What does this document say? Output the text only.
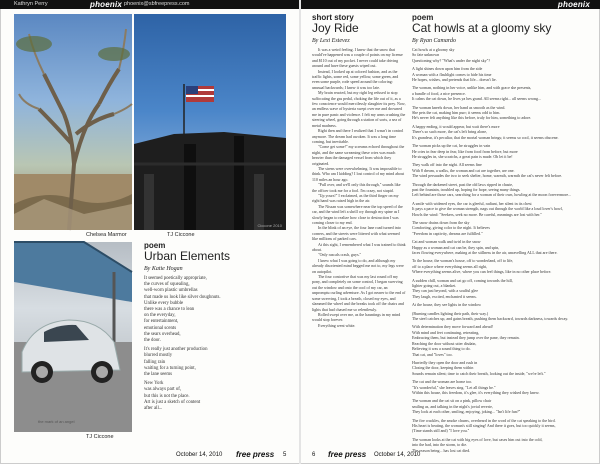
Kathryn Perry	phoenix phoenix@sbfreepress.com	phoenix
Chelsea Marmor
Ciccone 2010
TJ Ciccone
the mark of an angel
TJ Ciccone
poem
Urban Elements
By Katie Hogan
It seemed poetically appropriate,
the curves of squealing,
well-worn plastic umbrellas
that made us look like silver doughnuts.
Unlike every bubble
there was a chance to lean
on the everyday,
for entertainment,
emotional scents
the sears overhead,
the door.
It's really just another production
blurred mostly
falling rain
waiting for a turning point,
the lane seems
New York
was always part of,
but this is not the place.
Art is just a sketch of content
after all...
short story
Joy Ride
By Lexi Estevez

It was a weird feeling. I knew that the snow that would've happened was a couple of points on my license and $110 out of my pocket. I never could take driving around and have these guests wiped out.

Instead, I looked up at colored fashion, and as the traffic lights, some red, some yellow, some green, and even some purple, rode speed around the coloring: unusual backwards; I knew it was too late.

My brain reacted, but my right leg refused to stop suffocating the gas pedal, choking the life out of it, as a few conscience would mercilessly slaughter its prey. Now, an endless wave of hysteria swept over me and drowned me in pure panic and violence. I felt my arms crushing the steering wheel, going through a station of sorts, a sea of metal madness.

Right then and there I realized that I wasn't in control anymore. The dream had awoken. It was a long time coming, but inevitable.

"Come get some!" my screams echoed throughout the night, and the same screaming these cries was much heavier than the damaged vessel from which they originated.

The sirens were overwhelming. It was impossible to think. Who am I kidding? I lost control of my mind about 110 miles an hour ago.

"Pull over, and we'll only this through," sounds like the officer took me for a fool. I'm crazy, not stupid.

"Up yours!" I exclaimed, as the third finger on my right hand was raised high in the air.

The Nissan was somewhere near the top speed of the car, and the wind left a shrill cry through my spine as I slowly began to realize how close to destruction I was coming closer to my end.

In the blink of an eye, the four lane road turned into corners, and the streets were littered with what seemed like millions of parked cars.

At this sight, I remembered what I was trained to think about.

"Only rascals crash, guys."

I knew what I was going to do, and although my already disoriented mind begged me not to, my legs were on autopilot.

The four contortive that was my last round off my pony, and completely on some control, I began swerving out the window and onto the cool of my car, an unpromptu curling adventure. As I got nearer to the end of some swerving, I took a breath, closed my eyes, and slammed the wheel and the breaks took off the chairs and lights that had chased me so relentlessly.

Rolled swept over me, as the hauntings in my mind would stop forever.

Everything went white.

poem
Cat howls at a gloomy sky
By Ryan Camardo
Cat howls at a gloomy sky
So fate unknown
Questioning why? "What's under the night sky"?
A light shines down upon him from the side
A woman with a flashlight comes to hide his time
He hopes, wishes, and pretends that life... doesn't lie.
The woman, nothing in her voice, unlike him, and with grace she presents,
a bundle of food, a nice presence.
It calms the cat down, he lives ya hes grand. All seems right... all seems wrong...
The woman kneels down, her hand as smooth as the wind.
She pets the cat, making him purr; it seems odd to him.
He's never felt anything like this before, truly for him, something to adore.
A happy ending, it would appear, but wait there's more
There's so such more, the cat's left bring alone,
It's grandeur, it's peculiar, that the mortal woman brings; it seems so cool, it seems obscene.
The woman picks up the cat, he struggles in vain
He cries in fear deep in fear, like from food from before, but more
He struggles in, she scratchs, a great pain is made. Oh let it be!
They walk off into the night. All seems fine
With 8 dream, a walks, the woman and cat are together, are one.
The wind persuades the two to seek shelter, home, warmth, warmth the cat's never felt before.
Through the darkened street, past the old laws ripped in chaste,
past the fountain, troubled up, hoping for hope, seeing many things.
Left behind are those cars, searching for a woman of their own, howling at the moon forevermore...
A smile with widened eyes, the car is gleeful, radiant, her silent in its chest
It pays a pace to give the woman strength, nags out through the world like a loud lover's howl,
Howls the wind: "Seekers, seek no more. Be careful, meanings are lost with her."
The snow drains down from the sky
Comforting, giving color to the night. It believes
"Freedom in captivity, dreams are fulfilled."
Cat and woman walk and twirl in the snow
Happy as a woman and cat can be, they spin, and spin,
faces flowing everywhere, making at the stillness in the air, unravelling ALL that are there.
To the house, the woman's house, off to wonderland, off to life,
off to a place where everything seems all right,
Where everything seems alive, where you can feel things, like in no other place before.
A sudden chill, woman and cat go off, coming towards the hill,
lighter going out, a blanket.
They can just beyond, with a soulful glee
They laugh, excited, enchanted it seems.
At the house, they see lights in the window
(Burning candles lighting their path, their way.)
The steel catches up, and gains breath, pushing them backward, towards darkness, towards decay.
With determination they move forward and ahead!
With mind and feet continuing, retreating,
Embracing them, but instead they jump over the pane, they remain.
Reaching the door without utter disdain,
Believing it was a sound thing to do.
That cat, and "loves" too.
Hurriedly they open the door and rush in
Closing the door, keeping them within
Sounds remain silent; time to catch their breath, looking out the inside, "we're left."
The cat and the woman are home too.
"It's wonderful," she leaves sing. "Let all things be."
Within this house, this freedom, it's glee, it's everything they wished they knew.
The woman and the cat sit on a pink, pillow chair
smiling as, and talking in the night's jovial reverie,
They look at each other, smiling, enjoying, joking... "Isn't life fun?"
The fire crackles, the smoke churns, overheard in the word of the cat speaking to the bird.
His heart is beating, the woman's still singing! And there it goes, but too quickly it seems,
(Time stands still and) "I love you."
The woman looks at the cat with big eyes of love, but cases him out into the cold,
into the bad, into the storm, to die.
The reason being... has lost cat died.
October 14, 2010 free press 5	6 free press October 14, 2010
